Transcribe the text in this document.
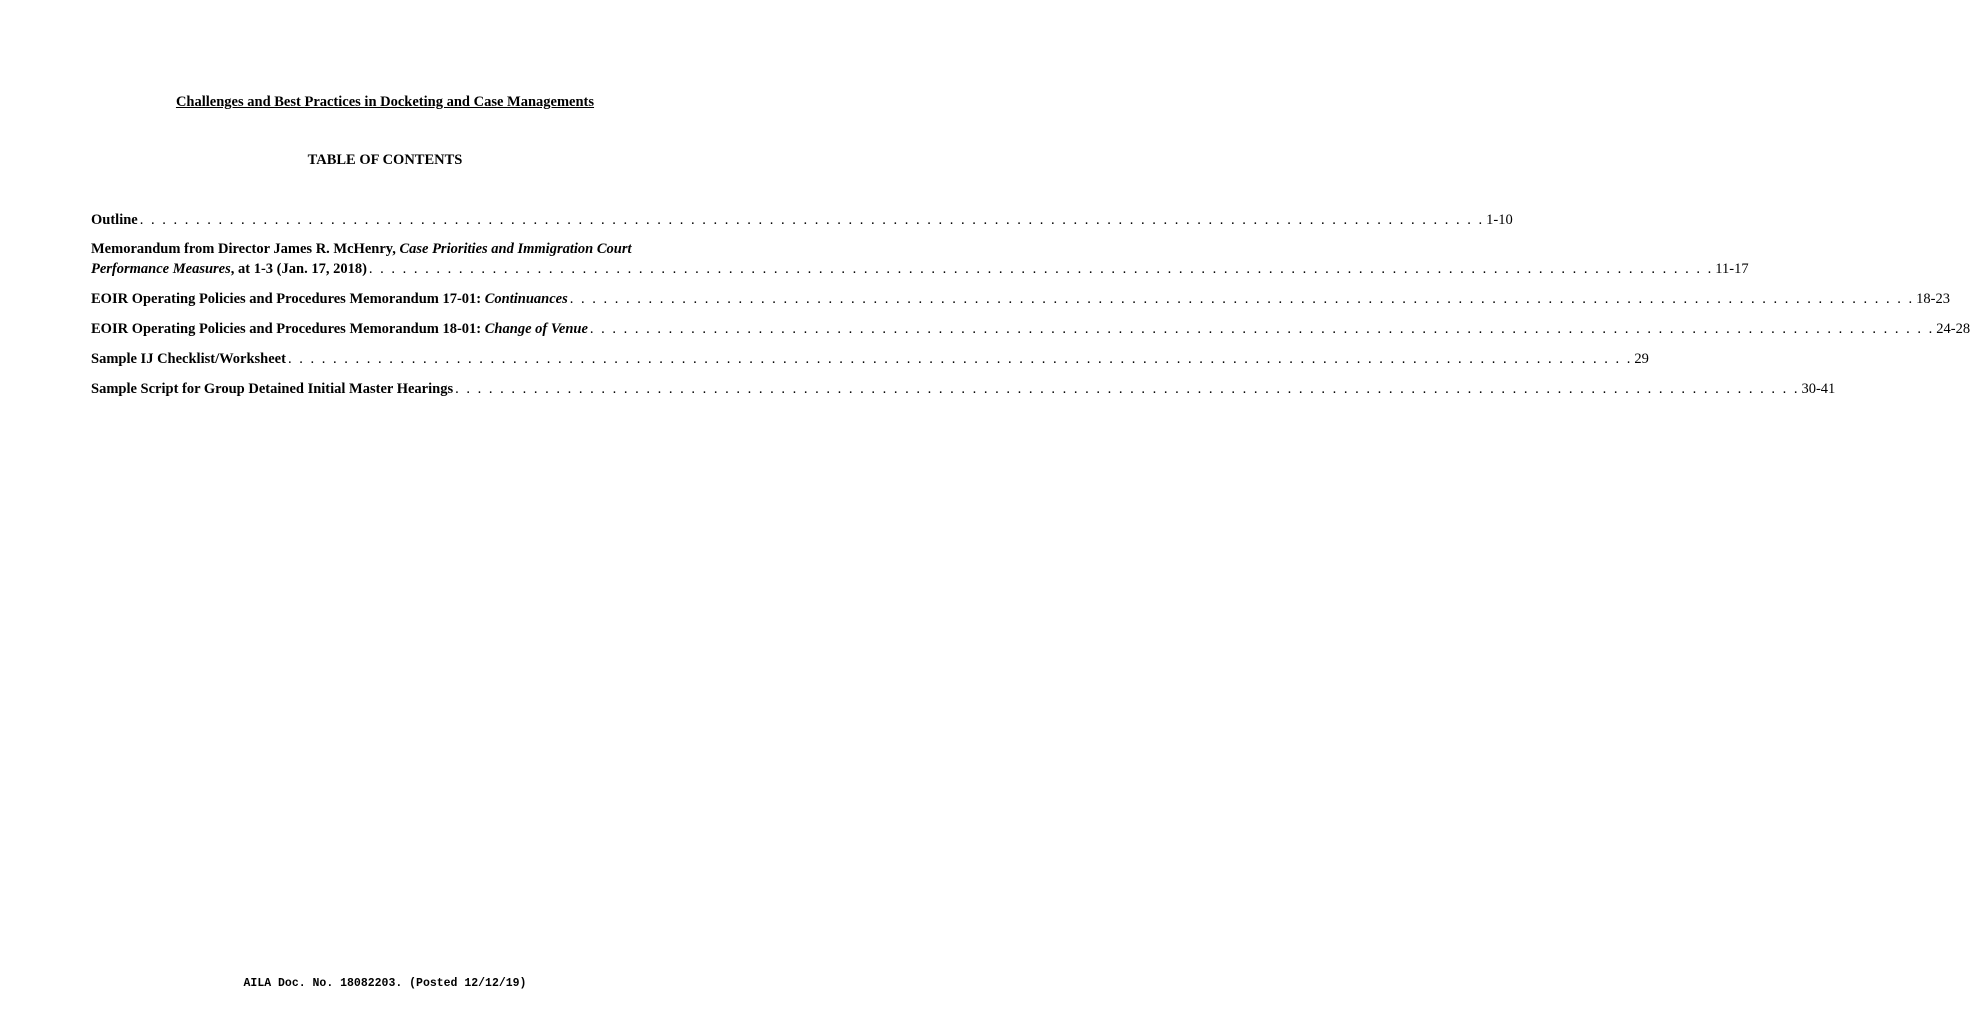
Challenges and Best Practices in Docketing and Case Managements
TABLE OF CONTENTS
Outline . . . . . . . . . . . . . . . . . . . . . . . . . . . . . . . . . . . . . . . . . . . . . . . . . . . . . . . . . . . . . . . . . . . . . . . . . . . . . . . . . . . . . . . . . . . . . . . . . . . . . . . . . . . . . . . . . . . . . . . . 1-10
Memorandum from Director James R. McHenry, Case Priorities and Immigration Court
Performance Measures, at 1-3 (Jan. 17, 2018) . . . . . . . . . . . . . . . . . . . . . . . . . . . . . . . . . . . . . . . . . . . . . . . . . . . . . . . . . . . . . . . . . . . . . . . . . . . . . . . . . . . . . . . . . . . . . . . . . . . . . . . . . . . . . . . . . . . . . . . . 11-17
EOIR Operating Policies and Procedures Memorandum 17-01: Continuances . . . . . . . . . . . . . . . . . . . . . . . . . . . . . . . . . . . . . . . . . . . . . . . . . . . . . . . . . . . . . . . . . . . . . . . . . . . . . . . . . . . . . . . . . . . . . . . . . . . . . . . . . . . . . . . . . . . . . . . . 18-23
EOIR Operating Policies and Procedures Memorandum 18-01: Change of Venue . . . . . . . . . . . . . . . . . . . . . . . . . . . . . . . . . . . . . . . . . . . . . . . . . . . . . . . . . . . . . . . . . . . . . . . . . . . . . . . . . . . . . . . . . . . . . . . . . . . . . . . . . . . . . . . . . . . . . . . . 24-28
Sample IJ Checklist/Worksheet . . . . . . . . . . . . . . . . . . . . . . . . . . . . . . . . . . . . . . . . . . . . . . . . . . . . . . . . . . . . . . . . . . . . . . . . . . . . . . . . . . . . . . . . . . . . . . . . . . . . . . . . . . . . . . . . . . . . . . . . 29
Sample Script for Group Detained Initial Master Hearings . . . . . . . . . . . . . . . . . . . . . . . . . . . . . . . . . . . . . . . . . . . . . . . . . . . . . . . . . . . . . . . . . . . . . . . . . . . . . . . . . . . . . . . . . . . . . . . . . . . . . . . . . . . . . . . . . . . . . . . . 30-41
AILA Doc. No. 18082203. (Posted 12/12/19)
